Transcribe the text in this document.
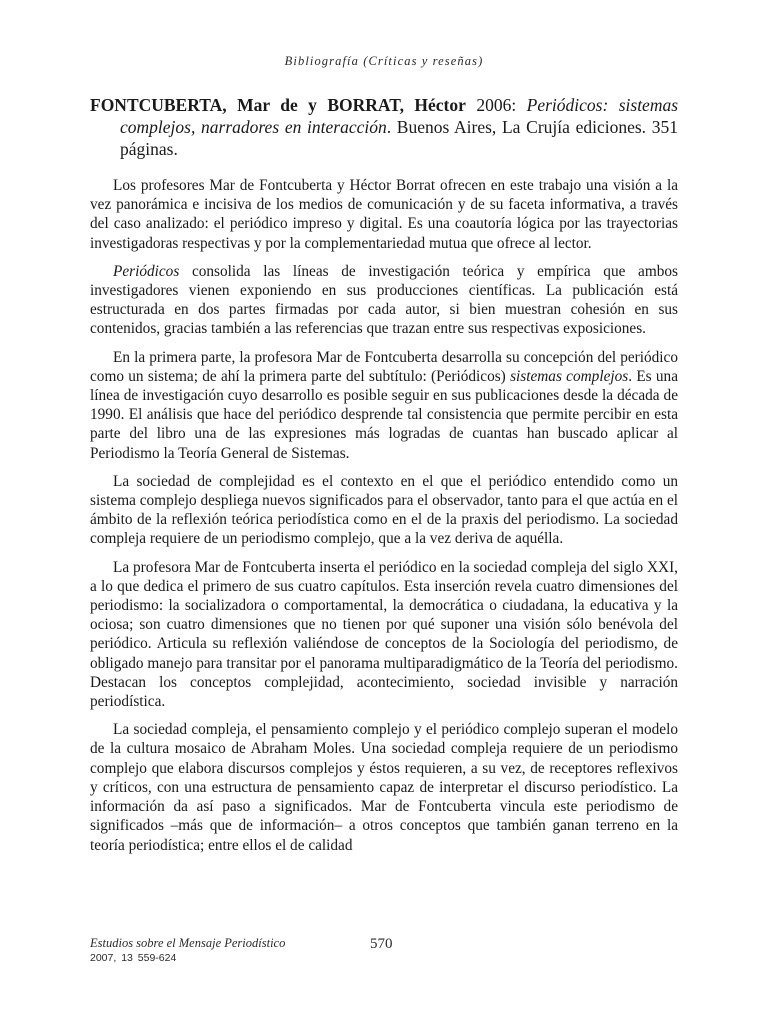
Bibliografía (Críticas y reseñas)
FONTCUBERTA, Mar de y BORRAT, Héctor 2006: Periódicos: sistemas complejos, narradores en interacción. Buenos Aires, La Crujía ediciones. 351 páginas.

Los profesores Mar de Fontcuberta y Héctor Borrat ofrecen en este trabajo una visión a la vez panorámica e incisiva de los medios de comunicación y de su faceta informativa, a través del caso analizado: el periódico impreso y digital. Es una coautoría lógica por las trayectorias investigadoras respectivas y por la complementariedad mutua que ofrece al lector.

Periódicos consolida las líneas de investigación teórica y empírica que ambos investigadores vienen exponiendo en sus producciones científicas. La publicación está estructurada en dos partes firmadas por cada autor, si bien muestran cohesión en sus contenidos, gracias también a las referencias que trazan entre sus respectivas exposiciones.

En la primera parte, la profesora Mar de Fontcuberta desarrolla su concepción del periódico como un sistema; de ahí la primera parte del subtítulo: (Periódicos) sistemas complejos. Es una línea de investigación cuyo desarrollo es posible seguir en sus publicaciones desde la década de 1990. El análisis que hace del periódico desprende tal consistencia que permite percibir en esta parte del libro una de las expresiones más logradas de cuantas han buscado aplicar al Periodismo la Teoría General de Sistemas.

La sociedad de complejidad es el contexto en el que el periódico entendido como un sistema complejo despliega nuevos significados para el observador, tanto para el que actúa en el ámbito de la reflexión teórica periodística como en el de la praxis del periodismo. La sociedad compleja requiere de un periodismo complejo, que a la vez deriva de aquélla.

La profesora Mar de Fontcuberta inserta el periódico en la sociedad compleja del siglo XXI, a lo que dedica el primero de sus cuatro capítulos. Esta inserción revela cuatro dimensiones del periodismo: la socializadora o comportamental, la democrática o ciudadana, la educativa y la ociosa; son cuatro dimensiones que no tienen por qué suponer una visión sólo benévola del periódico. Articula su reflexión valiéndose de conceptos de la Sociología del periodismo, de obligado manejo para transitar por el panorama multiparadigmático de la Teoría del periodismo. Destacan los conceptos complejidad, acontecimiento, sociedad invisible y narración periodística.

La sociedad compleja, el pensamiento complejo y el periódico complejo superan el modelo de la cultura mosaico de Abraham Moles. Una sociedad compleja requiere de un periodismo complejo que elabora discursos complejos y éstos requieren, a su vez, de receptores reflexivos y críticos, con una estructura de pensamiento capaz de interpretar el discurso periodístico. La información da así paso a significados. Mar de Fontcuberta vincula este periodismo de significados –más que de información– a otros conceptos que también ganan terreno en la teoría periodística; entre ellos el de calidad

Estudios sobre el Mensaje Periodístico
2007, 13 559-624
570
